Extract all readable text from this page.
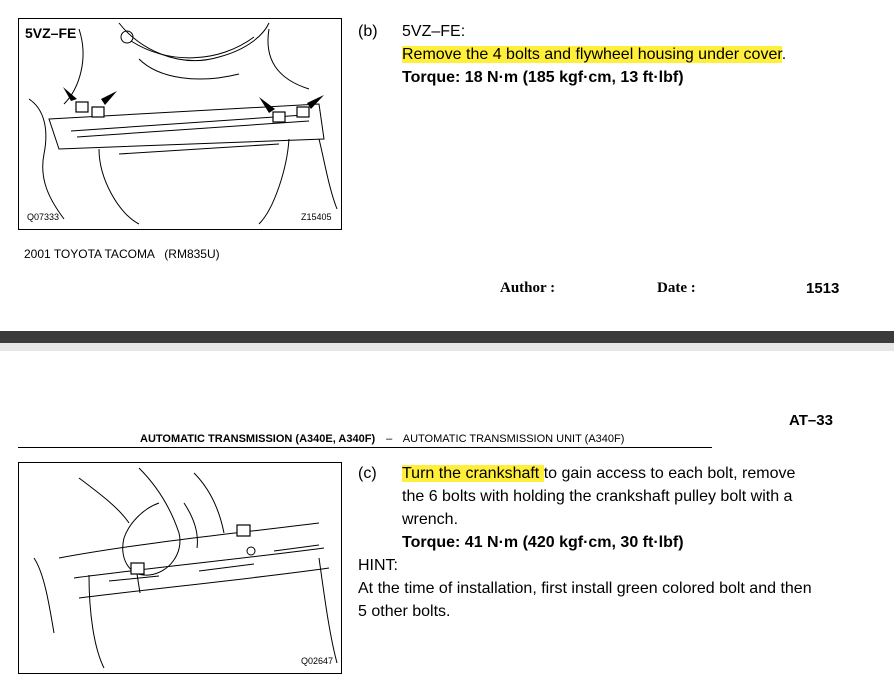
5VZ–FE
Q07333	Z15405
(b) 5VZ–FE:
Remove the 4 bolts and flywheel housing under cover.
Torque: 18 N·m (185 kgf·cm, 13 ft·lbf)
2001 TOYOTA TACOMA   (RM835U)
Author :	Date :	1513
AT–33
AUTOMATIC TRANSMISSION (A340E, A340F) – AUTOMATIC TRANSMISSION UNIT (A340F)
Q02647
(c) Turn the crankshaft to gain access to each bolt, remove
the 6 bolts with holding the crankshaft pulley bolt with a
wrench.
Torque: 41 N·m (420 kgf·cm, 30 ft·lbf)
HINT:
At the time of installation, first install green colored bolt and then
5 other bolts.
